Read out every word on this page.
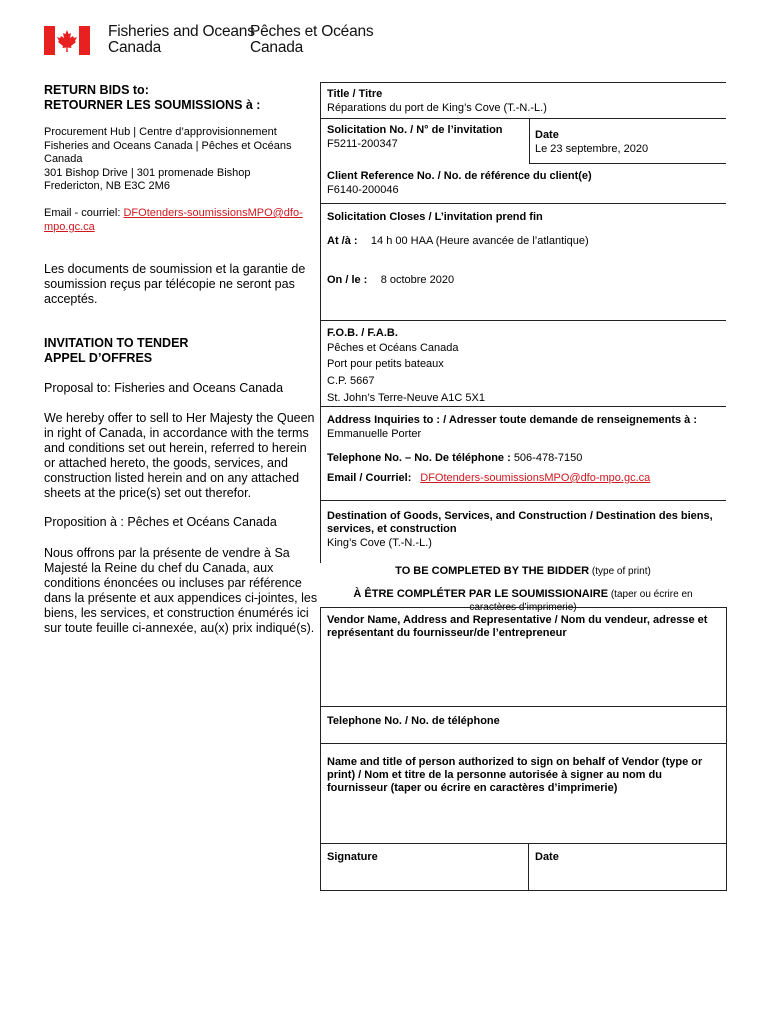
Fisheries and Oceans
Canada
Pêches et Océans
Canada
RETURN BIDS to:
RETOURNER LES SOUMISSIONS à :
Procurement Hub | Centre d’approvisionnement
Fisheries and Oceans Canada | Pêches et Océans
Canada
301 Bishop Drive | 301 promenade Bishop
Fredericton, NB E3C 2M6
Email - courriel: DFOtenders-soumissionsMPO@dfo-
mpo.gc.ca
Les documents de soumission et la garantie de soumission reçus par télécopie ne seront pas acceptés.
INVITATION TO TENDER
APPEL D’OFFRES
Proposal to: Fisheries and Oceans Canada
We hereby offer to sell to Her Majesty the Queen in right of Canada, in accordance with the terms and conditions set out herein, referred to herein or attached hereto, the goods, services, and construction listed herein and on any attached sheets at the price(s) set out therefor.
Proposition à : Pêches et Océans Canada
Nous offrons par la présente de vendre à Sa Majesté la Reine du chef du Canada, aux conditions énoncées ou incluses par référence dans la présente et aux appendices ci-jointes, les biens, les services, et construction énumérés ici sur toute feuille ci-annexée, au(x) prix indiqué(s).
Title / Titre
Réparations du port de King’s Cove (T.-N.-L.)
Solicitation No. / N° de l’invitation
F5211-200347
Date
Le 23 septembre, 2020
Client Reference No. / No. de référence du client(e)
F6140-200046
Solicitation Closes / L’invitation prend fin
At /à : 14 h 00 HAA (Heure avancée de l’atlantique)
On / le : 8 octobre 2020
F.O.B. / F.A.B.
Pêches et Océans Canada
Port pour petits bateaux
C.P. 5667
St. John’s Terre-Neuve A1C 5X1
Address Inquiries to : / Adresser toute demande de renseignements à :
Emmanuelle Porter
Telephone No. – No. De téléphone : 506-478-7150
Email / Courriel: DFOtenders-soumissionsMPO@dfo-mpo.gc.ca
Destination of Goods, Services, and Construction / Destination des biens, services, et construction
King’s Cove (T.-N.-L.)
TO BE COMPLETED BY THE BIDDER (type of print)
À ÊTRE COMPLÉTER PAR LE SOUMISSIONAIRE (taper ou écrire en
caractères d’imprimerie)
Vendor Name, Address and Representative / Nom du vendeur, adresse et représentant du fournisseur/de l’entrepreneur
Telephone No. / No. de téléphone
Name and title of person authorized to sign on behalf of Vendor (type or print) / Nom et titre de la personne autorisée à signer au nom du fournisseur (taper ou écrire en caractères d’imprimerie)
Signature	Date
